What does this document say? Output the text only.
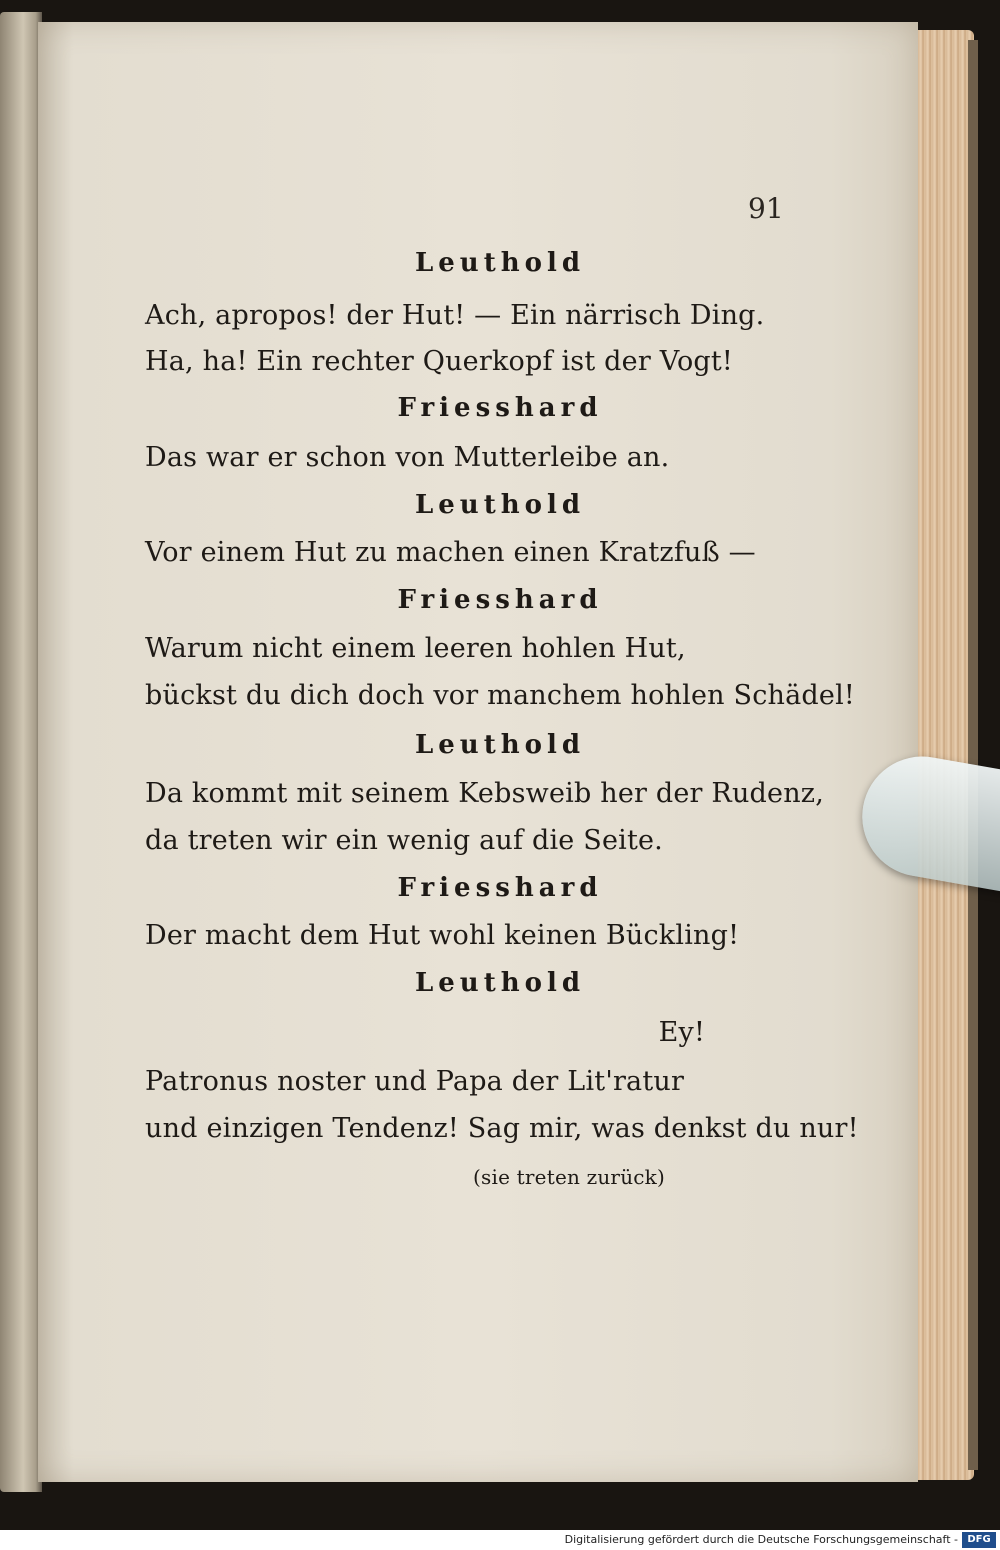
91
Leuthold
Ach, apropos! der Hut! — Ein närrisch Ding.
Ha, ha! Ein rechter Querkopf ist der Vogt!
Friesshard
Das war er schon von Mutterleibe an.
Leuthold
Vor einem Hut zu machen einen Kratzfuß —
Friesshard
Warum nicht einem leeren hohlen Hut,
bückst du dich doch vor manchem hohlen Schädel!
Leuthold
Da kommt mit seinem Kebsweib her der Rudenz,
da treten wir ein wenig auf die Seite.
Friesshard
Der macht dem Hut wohl keinen Bückling!
Leuthold
Ey!
Patronus noster und Papa der Lit'ratur
und einzigen Tendenz! Sag mir, was denkst du nur!
(sie treten zurück)
Digitalisierung gefördert durch die Deutsche Forschungsgemeinschaft - DFG
